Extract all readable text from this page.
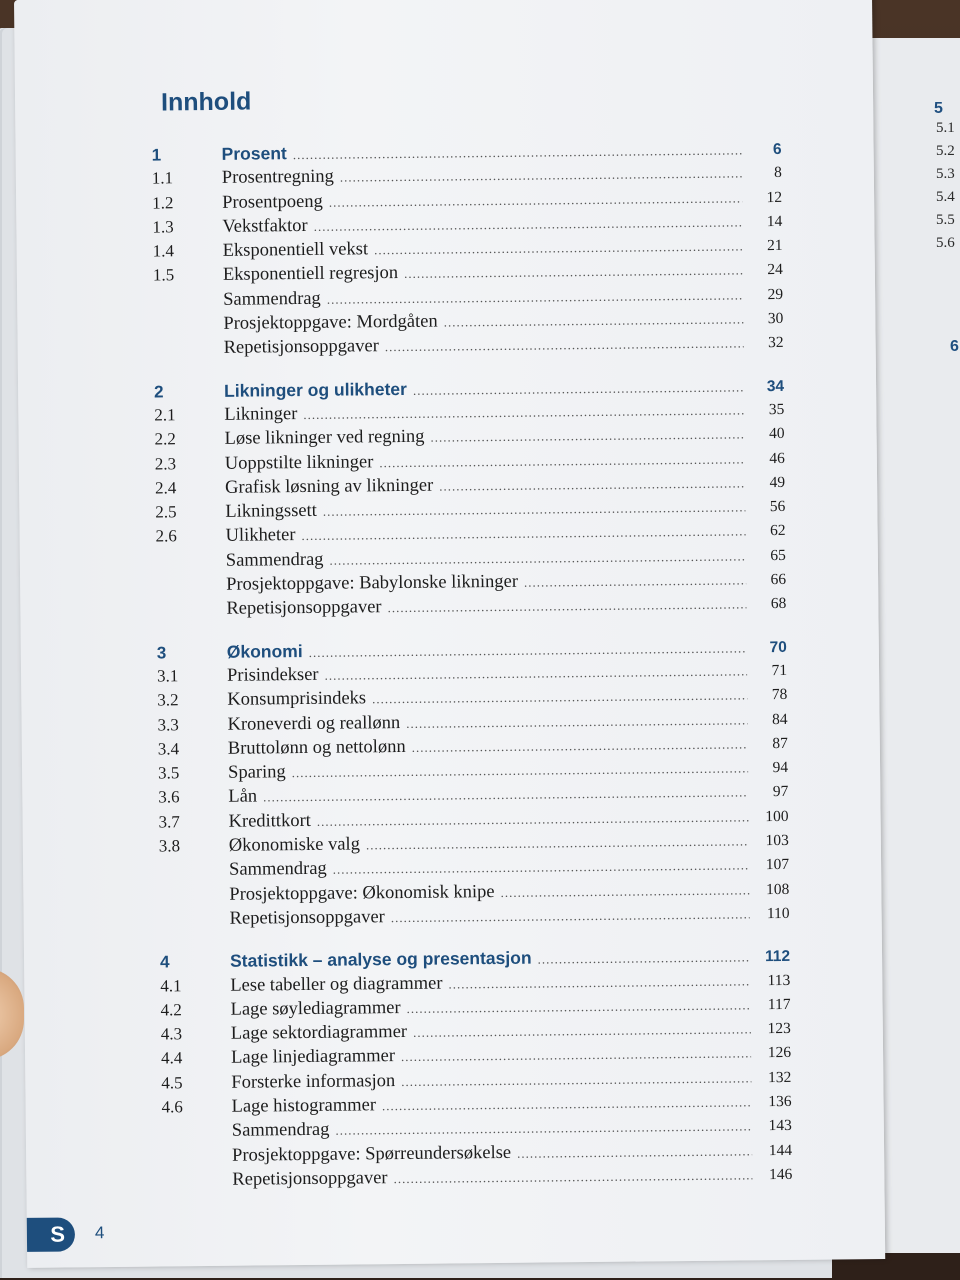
5
5.1
5.2
5.3
5.4
5.5
5.6
6
Innhold
1	Prosent .....	6
1.1	Prosentregning .....	8
1.2	Prosentpoeng .....	12
1.3	Vekstfaktor .....	14
1.4	Eksponentiell vekst .....	21
1.5	Eksponentiell regresjon .....	24
Sammendrag .....	29
Prosjektoppgave: Mordgåten .....	30
Repetisjonsoppgaver .....	32
2	Likninger og ulikheter .....	34
2.1	Likninger .....	35
2.2	Løse likninger ved regning .....	40
2.3	Uoppstilte likninger .....	46
2.4	Grafisk løsning av likninger .....	49
2.5	Likningssett .....	56
2.6	Ulikheter .....	62
Sammendrag .....	65
Prosjektoppgave: Babylonske likninger .....	66
Repetisjonsoppgaver .....	68
3	Økonomi .....	70
3.1	Prisindekser .....	71
3.2	Konsumprisindeks .....	78
3.3	Kroneverdi og reallønn .....	84
3.4	Bruttolønn og nettolønn .....	87
3.5	Sparing .....	94
3.6	Lån .....	97
3.7	Kredittkort .....	100
3.8	Økonomiske valg .....	103
Sammendrag .....	107
Prosjektoppgave: Økonomisk knipe .....	108
Repetisjonsoppgaver .....	110
4	Statistikk – analyse og presentasjon .....	112
4.1	Lese tabeller og diagrammer .....	113
4.2	Lage søylediagrammer .....	117
4.3	Lage sektordiagrammer .....	123
4.4	Lage linjediagrammer .....	126
4.5	Forsterke informasjon .....	132
4.6	Lage histogrammer .....	136
Sammendrag .....	143
Prosjektoppgave: Spørreundersøkelse .....	144
Repetisjonsoppgaver .....	146
S	4
